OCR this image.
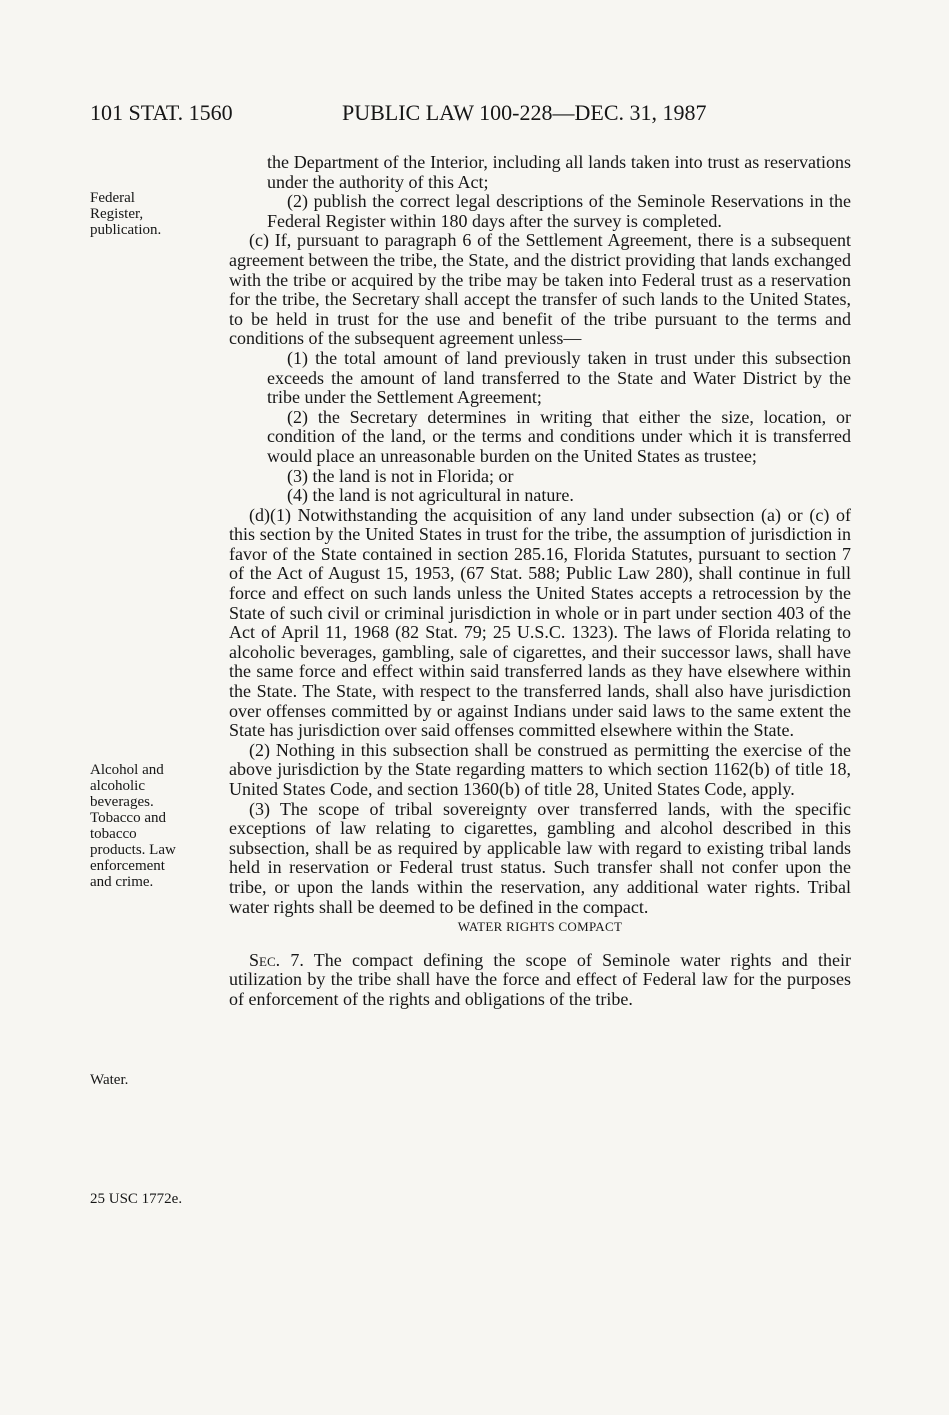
101 STAT. 1560	PUBLIC LAW 100-228—DEC. 31, 1987
Federal Register, publication.
Alcohol and alcoholic beverages. Tobacco and tobacco products. Law enforcement and crime.
Water.
25 USC 1772e.

the Department of the Interior, including all lands taken into trust as reservations under the authority of this Act;

(2) publish the correct legal descriptions of the Seminole Reservations in the Federal Register within 180 days after the survey is completed.

(c) If, pursuant to paragraph 6 of the Settlement Agreement, there is a subsequent agreement between the tribe, the State, and the district providing that lands exchanged with the tribe or acquired by the tribe may be taken into Federal trust as a reservation for the tribe, the Secretary shall accept the transfer of such lands to the United States, to be held in trust for the use and benefit of the tribe pursuant to the terms and conditions of the subsequent agreement unless—

(1) the total amount of land previously taken in trust under this subsection exceeds the amount of land transferred to the State and Water District by the tribe under the Settlement Agreement;

(2) the Secretary determines in writing that either the size, location, or condition of the land, or the terms and conditions under which it is transferred would place an unreasonable burden on the United States as trustee;

(3) the land is not in Florida; or

(4) the land is not agricultural in nature.

(d)(1) Notwithstanding the acquisition of any land under subsection (a) or (c) of this section by the United States in trust for the tribe, the assumption of jurisdiction in favor of the State contained in section 285.16, Florida Statutes, pursuant to section 7 of the Act of August 15, 1953, (67 Stat. 588; Public Law 280), shall continue in full force and effect on such lands unless the United States accepts a retrocession by the State of such civil or criminal jurisdiction in whole or in part under section 403 of the Act of April 11, 1968 (82 Stat. 79; 25 U.S.C. 1323). The laws of Florida relating to alcoholic beverages, gambling, sale of cigarettes, and their successor laws, shall have the same force and effect within said transferred lands as they have elsewhere within the State. The State, with respect to the transferred lands, shall also have jurisdiction over offenses committed by or against Indians under said laws to the same extent the State has jurisdiction over said offenses committed elsewhere within the State.

(2) Nothing in this subsection shall be construed as permitting the exercise of the above jurisdiction by the State regarding matters to which section 1162(b) of title 18, United States Code, and section 1360(b) of title 28, United States Code, apply.

(3) The scope of tribal sovereignty over transferred lands, with the specific exceptions of law relating to cigarettes, gambling and alcohol described in this subsection, shall be as required by applicable law with regard to existing tribal lands held in reservation or Federal trust status. Such transfer shall not confer upon the tribe, or upon the lands within the reservation, any additional water rights. Tribal water rights shall be deemed to be defined in the compact.

WATER RIGHTS COMPACT

Sec. 7. The compact defining the scope of Seminole water rights and their utilization by the tribe shall have the force and effect of Federal law for the purposes of enforcement of the rights and obligations of the tribe.
